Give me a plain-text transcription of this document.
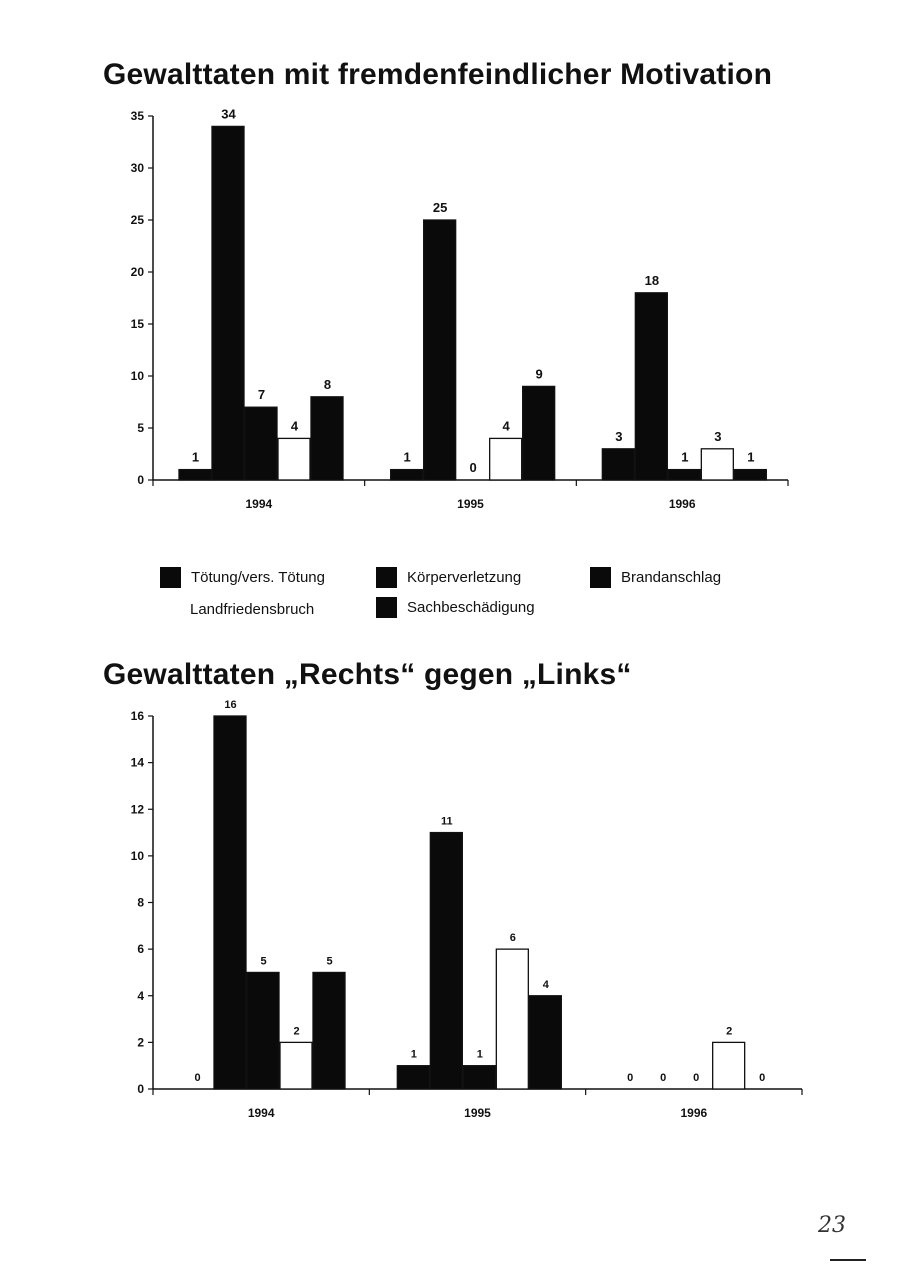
Gewalttaten mit fremdenfeindlicher Motivation
0
5
10
15
20
25
30
35
1994
1
34
7
4
8
1995
1
25
0
4
9
1996
3
18
1
3
1
Tötung/vers. Tötung	Körperverletzung	Brandanschlag
Landfriedensbruch	Sachbeschädigung
Gewalttaten „Rechts“ gegen „Links“
0
2
4
6
8
10
12
14
16
1994
0
16
5
2
5
1995
1
11
1
6
4
1996
0 0 0
2
0
23
